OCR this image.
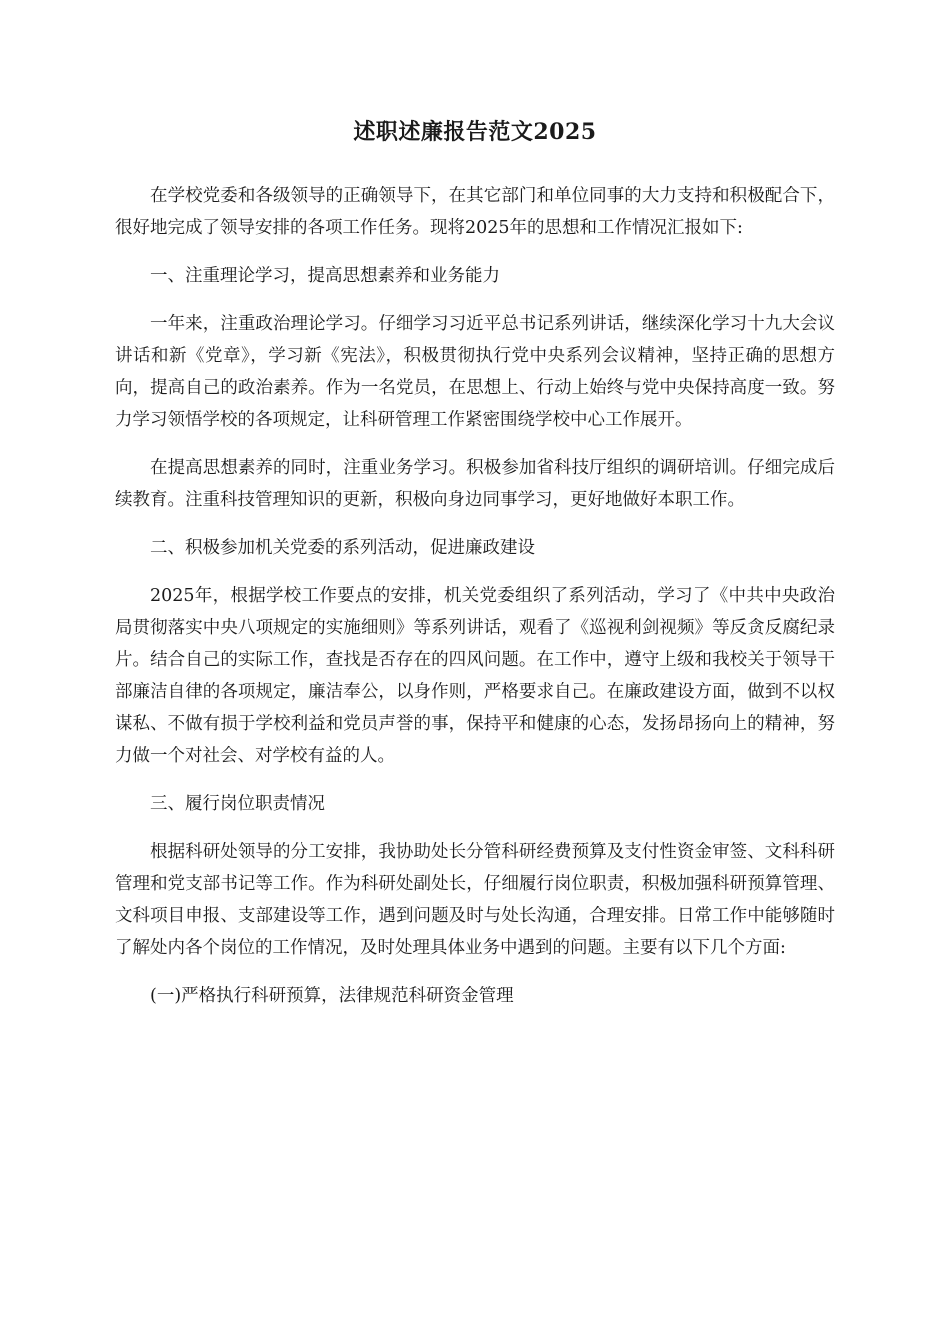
述职述廉报告范文2025

在学校党委和各级领导的正确领导下，在其它部门和单位同事的大力支持和积极配合下，很好地完成了领导安排的各项工作任务。现将2025年的思想和工作情况汇报如下:

一、注重理论学习，提高思想素养和业务能力

一年来，注重政治理论学习。仔细学习习近平总书记系列讲话，继续深化学习十九大会议讲话和新《党章》，学习新《宪法》，积极贯彻执行党中央系列会议精神，坚持正确的思想方向，提高自己的政治素养。作为一名党员，在思想上、行动上始终与党中央保持高度一致。努力学习领悟学校的各项规定，让科研管理工作紧密围绕学校中心工作展开。

在提高思想素养的同时，注重业务学习。积极参加省科技厅组织的调研培训。仔细完成后续教育。注重科技管理知识的更新，积极向身边同事学习，更好地做好本职工作。

二、积极参加机关党委的系列活动，促进廉政建设

2025年，根据学校工作要点的安排，机关党委组织了系列活动，学习了《中共中央政治局贯彻落实中央八项规定的实施细则》等系列讲话，观看了《巡视利剑视频》等反贪反腐纪录片。结合自己的实际工作，查找是否存在的四风问题。在工作中，遵守上级和我校关于领导干部廉洁自律的各项规定，廉洁奉公，以身作则，严格要求自己。在廉政建设方面，做到不以权谋私、不做有损于学校利益和党员声誉的事，保持平和健康的心态，发扬昂扬向上的精神，努力做一个对社会、对学校有益的人。

三、履行岗位职责情况

根据科研处领导的分工安排，我协助处长分管科研经费预算及支付性资金审签、文科科研管理和党支部书记等工作。作为科研处副处长，仔细履行岗位职责，积极加强科研预算管理、文科项目申报、支部建设等工作，遇到问题及时与处长沟通，合理安排。日常工作中能够随时了解处内各个岗位的工作情况，及时处理具体业务中遇到的问题。主要有以下几个方面:

(一)严格执行科研预算，法律规范科研资金管理
